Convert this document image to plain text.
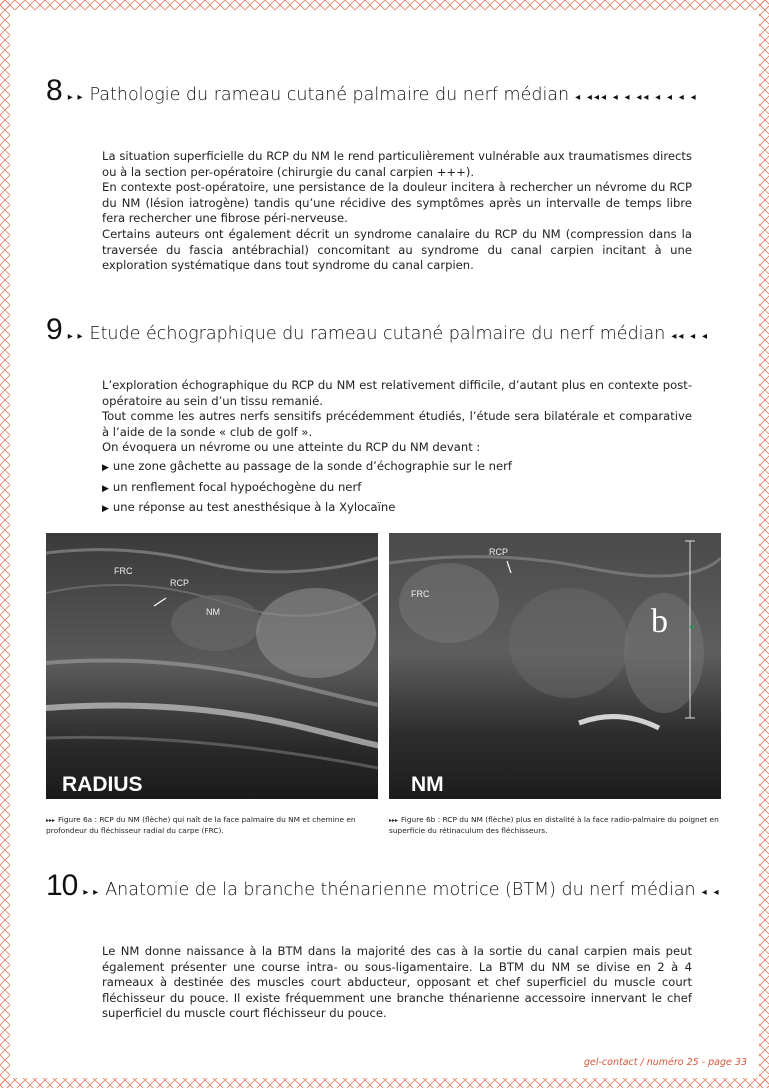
8 ▸ ▸ Pathologie du rameau cutané palmaire du nerf médian ◂ ◂◂◂ ◂ ◂ ◂◂ ◂ ◂ ◂ ◂

La situation superficielle du RCP du NM le rend particulièrement vulnérable aux traumatismes directs ou à la section per-opératoire (chirurgie du canal carpien +++).

En contexte post-opératoire, une persistance de la douleur incitera à rechercher un névrome du RCP du NM (lésion iatrogène) tandis qu’une récidive des symptômes après un intervalle de temps libre fera rechercher une fibrose péri-nerveuse.

Certains auteurs ont également décrit un syndrome canalaire du RCP du NM (compression dans la traversée du fascia antébrachial) concomitant au syndrome du canal carpien incitant à une exploration systématique dans tout syndrome du canal carpien.

9 ▸ ▸ Etude échographique du rameau cutané palmaire du nerf médian ◂◂ ◂ ◂

L’exploration échographique du RCP du NM est relativement difficile, d’autant plus en contexte post-opératoire au sein d’un tissu remanié.

Tout comme les autres nerfs sensitifs précédemment étudiés, l’étude sera bilatérale et comparative à l’aide de la sonde « club de golf ».

On évoquera un névrome ou une atteinte du RCP du NM devant :

▶ une zone gâchette au passage de la sonde d’échographie sur le nerf
▶ un renflement focal hypoéchogène du nerf
▶ une réponse au test anesthésique à la Xylocaïne
FRC
RCP
NM
RADIUS
▸▸▸ Figure 6a : RCP du NM (flèche) qui naît de la face palmaire du NM et chemine en profondeur du fléchisseur radial du carpe (FRC).
RCP
FRC
b
NM
▸▸▸ Figure 6b : RCP du NM (flèche) plus en distalité à la face radio-palmaire du poignet en superficie du rétinaculum des fléchisseurs.
10 ▸ ▸ Anatomie de la branche thénarienne motrice (BTM) du nerf médian ◂ ◂

Le NM donne naissance à la BTM dans la majorité des cas à la sortie du canal carpien mais peut également présenter une course intra- ou sous-ligamentaire. La BTM du NM se divise en 2 à 4 rameaux à destinée des muscles court abducteur, opposant et chef superficiel du muscle court fléchisseur du pouce. Il existe fréquemment une branche thénarienne accessoire innervant le chef superficiel du muscle court fléchisseur du pouce.

gel-contact / numéro 25 - page 33
